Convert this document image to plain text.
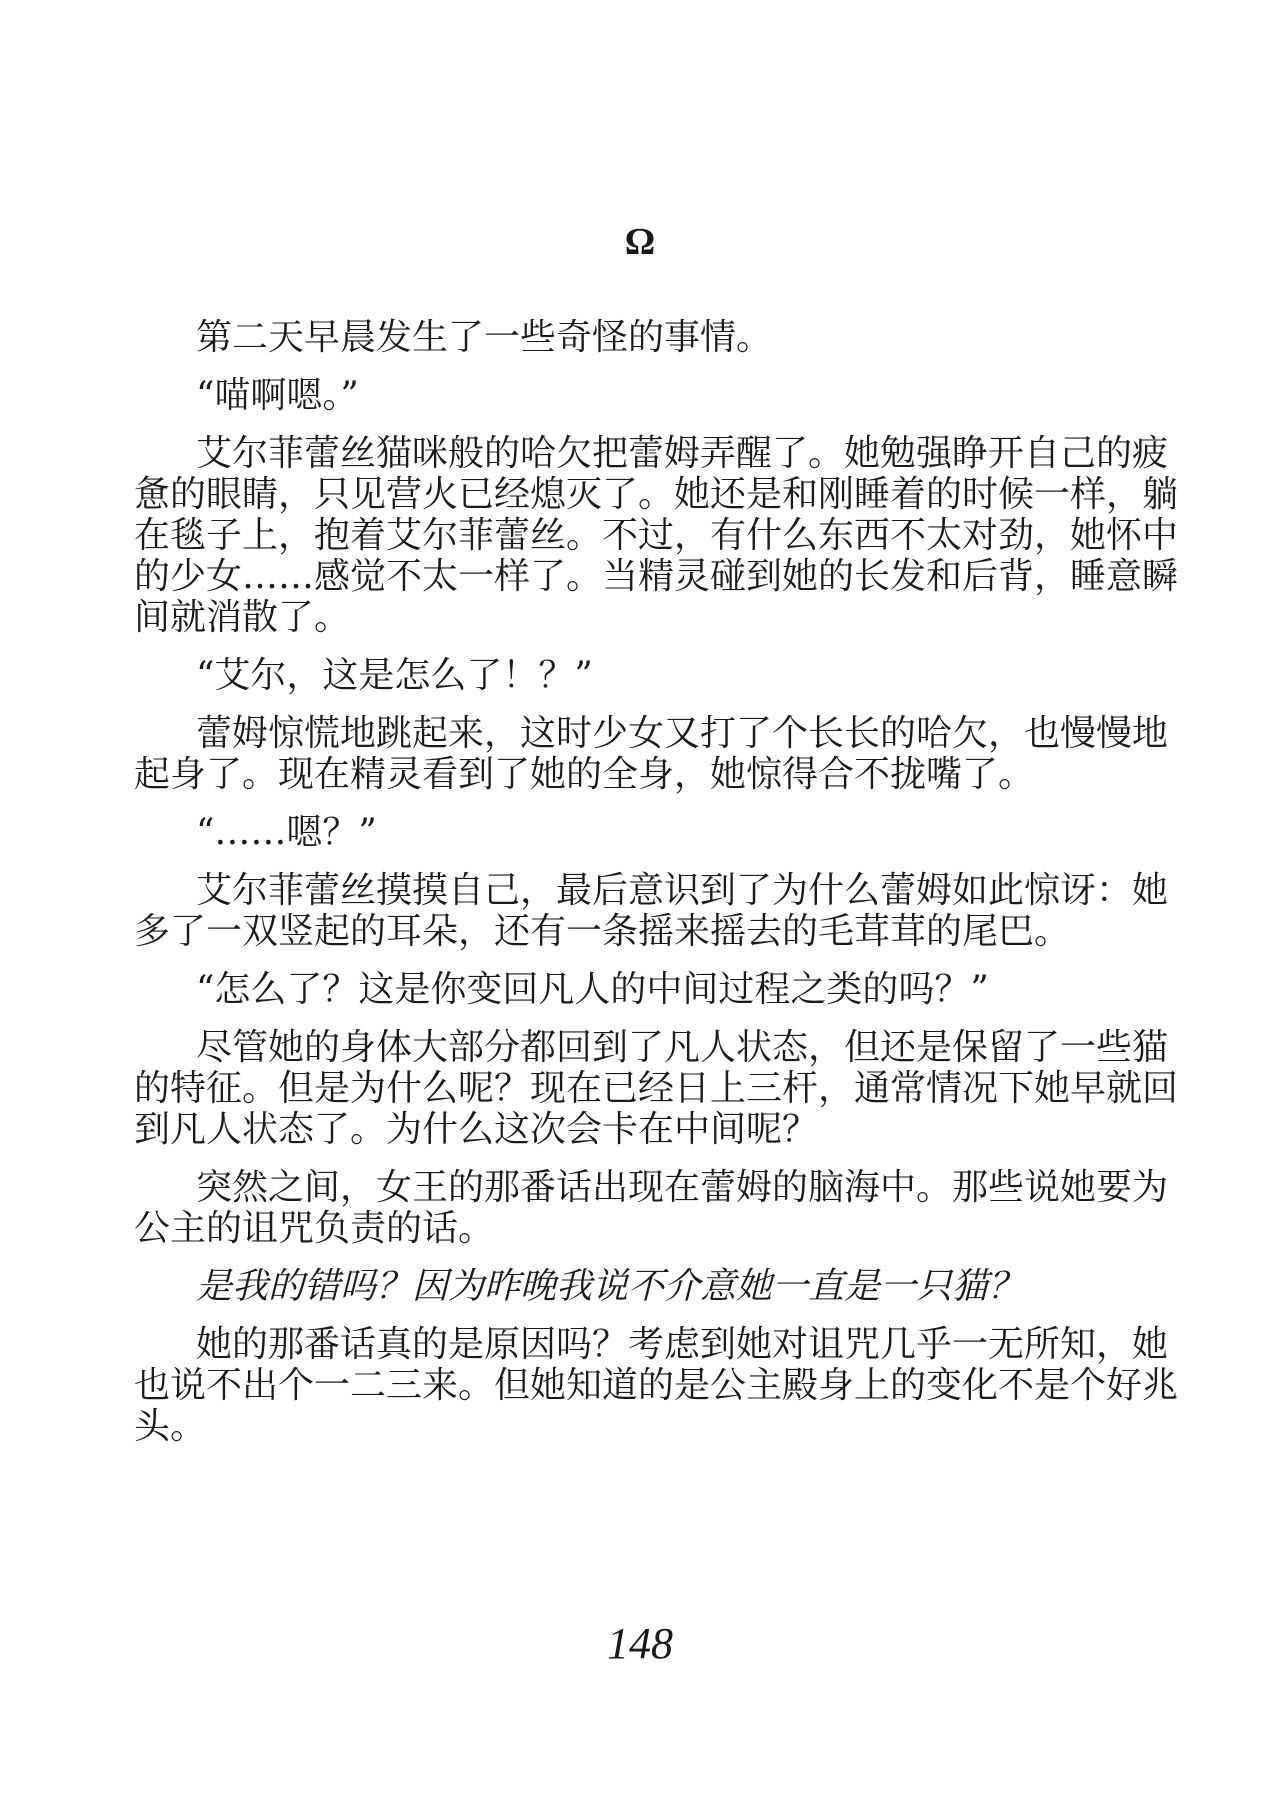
Ω
第二天早晨发生了一些奇怪的事情。
“喵啊嗯。”
艾尔菲蕾丝猫咪般的哈欠把蕾姆弄醒了。她勉强睁开自己的疲
惫的眼睛，只见营火已经熄灭了。她还是和刚睡着的时候一样，躺
在毯子上，抱着艾尔菲蕾丝。不过，有什么东西不太对劲，她怀中
的少女……感觉不太一样了。当精灵碰到她的长发和后背，睡意瞬
间就消散了。
“艾尔，这是怎么了！？”
蕾姆惊慌地跳起来，这时少女又打了个长长的哈欠，也慢慢地
起身了。现在精灵看到了她的全身，她惊得合不拢嘴了。
“……嗯？”
艾尔菲蕾丝摸摸自己，最后意识到了为什么蕾姆如此惊讶：她
多了一双竖起的耳朵，还有一条摇来摇去的毛茸茸的尾巴。
“怎么了？这是你变回凡人的中间过程之类的吗？”
尽管她的身体大部分都回到了凡人状态，但还是保留了一些猫
的特征。但是为什么呢？现在已经日上三杆，通常情况下她早就回
到凡人状态了。为什么这次会卡在中间呢？
突然之间，女王的那番话出现在蕾姆的脑海中。那些说她要为
公主的诅咒负责的话。
是我的错吗？因为昨晚我说不介意她一直是一只猫？
她的那番话真的是原因吗？考虑到她对诅咒几乎一无所知，她
也说不出个一二三来。但她知道的是公主殿身上的变化不是个好兆
头。
148
